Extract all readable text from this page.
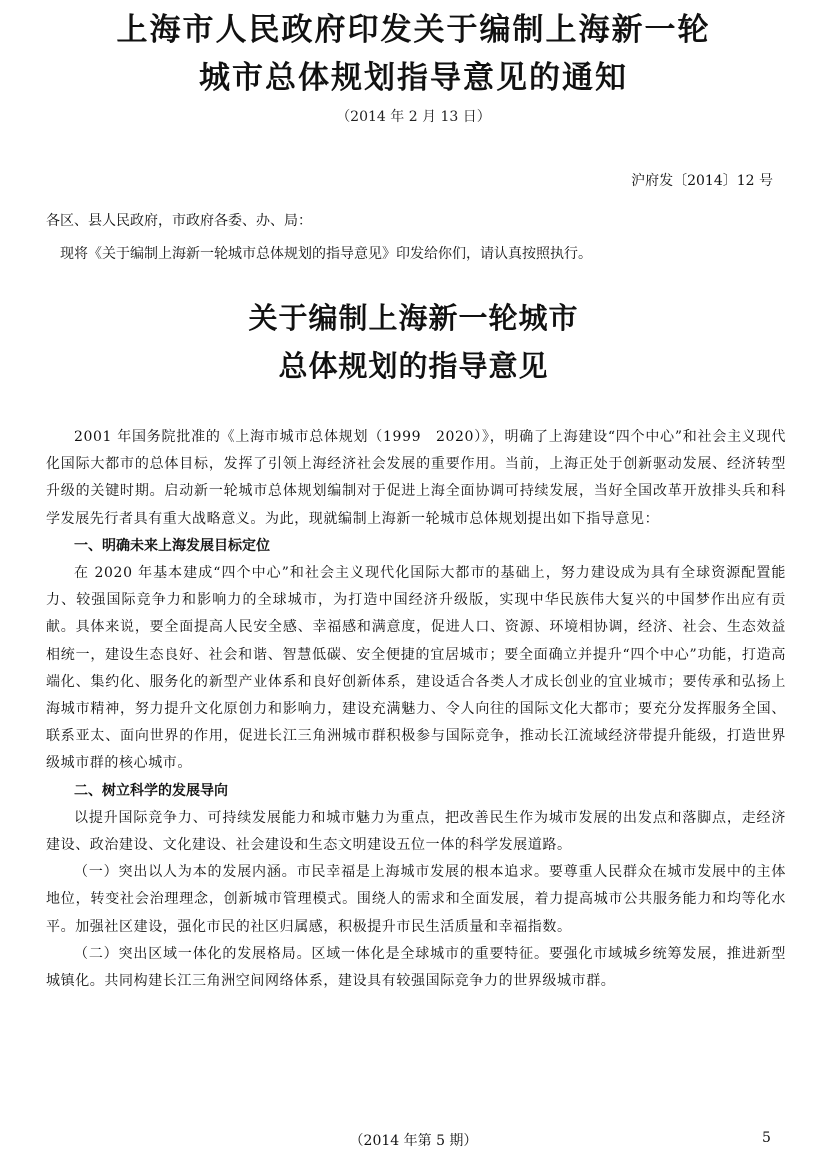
上海市人民政府印发关于编制上海新一轮
城市总体规划指导意见的通知
（2014 年 2 月 13 日）
沪府发〔2014〕12 号
各区、县人民政府，市政府各委、办、局：
现将《关于编制上海新一轮城市总体规划的指导意见》印发给你们，请认真按照执行。
关于编制上海新一轮城市
总体规划的指导意见

2001 年国务院批准的《上海市城市总体规划（1999　2020）》，明确了上海建设“四个中心”和社会主义现代化国际大都市的总体目标，发挥了引领上海经济社会发展的重要作用。当前，上海正处于创新驱动发展、经济转型升级的关键时期。启动新一轮城市总体规划编制对于促进上海全面协调可持续发展，当好全国改革开放排头兵和科学发展先行者具有重大战略意义。为此，现就编制上海新一轮城市总体规划提出如下指导意见：

一、明确未来上海发展目标定位

在 2020 年基本建成“四个中心”和社会主义现代化国际大都市的基础上，努力建设成为具有全球资源配置能力、较强国际竞争力和影响力的全球城市，为打造中国经济升级版，实现中华民族伟大复兴的中国梦作出应有贡献。具体来说，要全面提高人民安全感、幸福感和满意度，促进人口、资源、环境相协调，经济、社会、生态效益相统一，建设生态良好、社会和谐、智慧低碳、安全便捷的宜居城市；要全面确立并提升“四个中心”功能，打造高端化、集约化、服务化的新型产业体系和良好创新体系，建设适合各类人才成长创业的宜业城市；要传承和弘扬上海城市精神，努力提升文化原创力和影响力，建设充满魅力、令人向往的国际文化大都市；要充分发挥服务全国、联系亚太、面向世界的作用，促进长江三角洲城市群积极参与国际竞争，推动长江流域经济带提升能级，打造世界级城市群的核心城市。

二、树立科学的发展导向

以提升国际竞争力、可持续发展能力和城市魅力为重点，把改善民生作为城市发展的出发点和落脚点，走经济建设、政治建设、文化建设、社会建设和生态文明建设五位一体的科学发展道路。

（一）突出以人为本的发展内涵。市民幸福是上海城市发展的根本追求。要尊重人民群众在城市发展中的主体地位，转变社会治理理念，创新城市管理模式。围绕人的需求和全面发展，着力提高城市公共服务能力和均等化水平。加强社区建设，强化市民的社区归属感，积极提升市民生活质量和幸福指数。

（二）突出区域一体化的发展格局。区域一体化是全球城市的重要特征。要强化市域城乡统筹发展，推进新型城镇化。共同构建长江三角洲空间网络体系，建设具有较强国际竞争力的世界级城市群。

（2014 年第 5 期）	5
